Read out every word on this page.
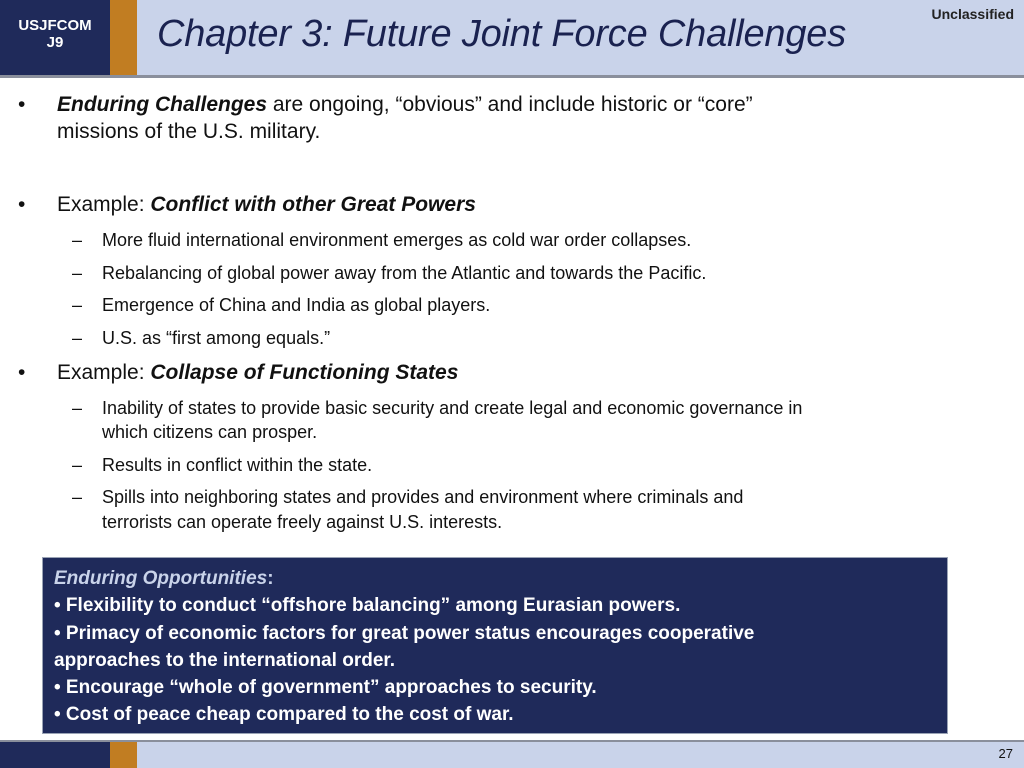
USJFCOM
J9	Chapter 3: Future Joint Force Challenges	Unclassified
• Enduring Challenges are ongoing, “obvious” and include historic or “core”
missions of the U.S. military.
• Example: Conflict with other Great Powers
– More fluid international environment emerges as cold war order collapses.
– Rebalancing of global power away from the Atlantic and towards the Pacific.
– Emergence of China and India as global players.
– U.S. as “first among equals.”
• Example: Collapse of Functioning States
– Inability of states to provide basic security and create legal and economic governance in
which citizens can prosper.
– Results in conflict within the state.
– Spills into neighboring states and provides and environment where criminals and
terrorists can operate freely against U.S. interests.
Enduring Opportunities:
• Flexibility to conduct “offshore balancing” among Eurasian powers.
• Primacy of economic factors for great power status encourages cooperative
approaches to the international order.
• Encourage “whole of government” approaches to security.
• Cost of peace cheap compared to the cost of war.
27
